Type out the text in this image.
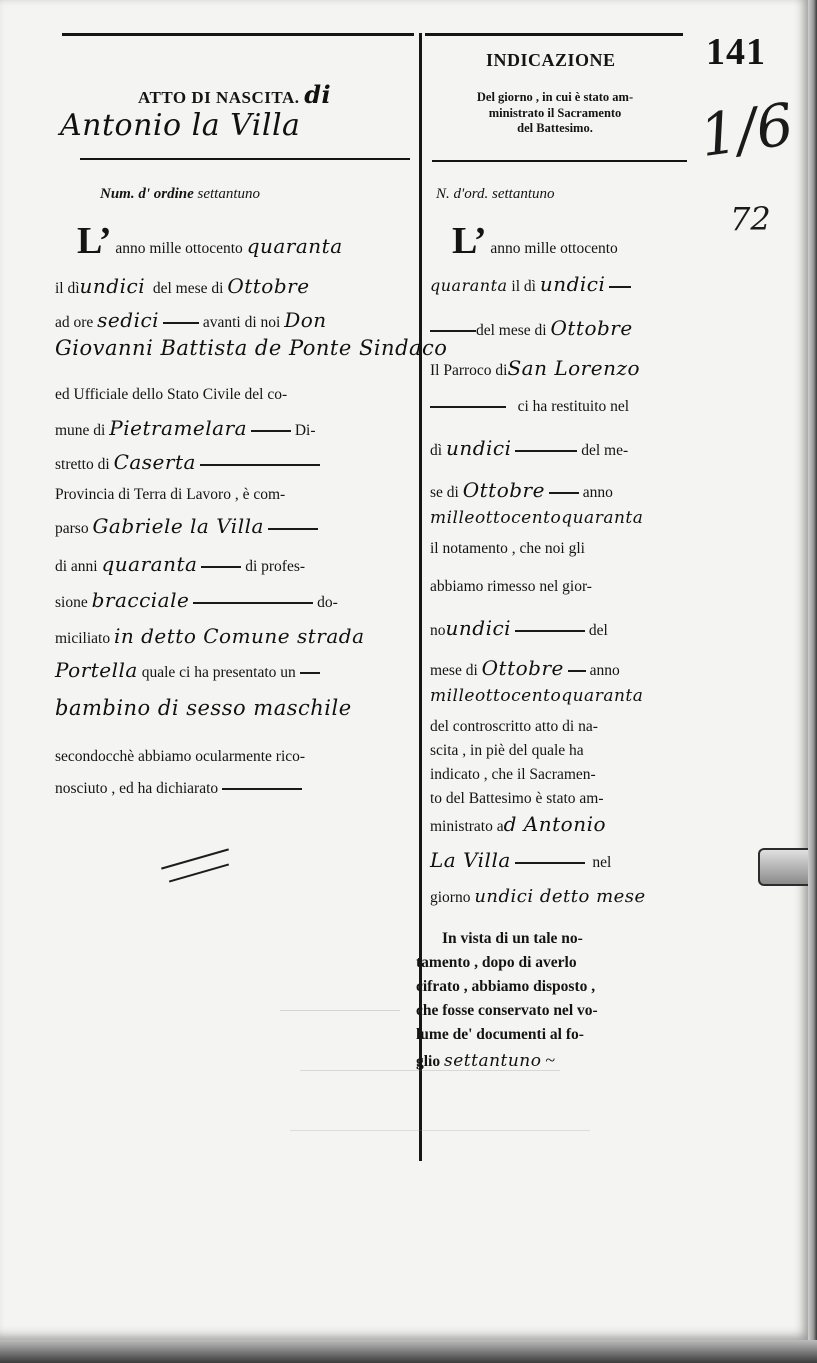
141
1/6
72
ATTO DI NASCITA. di
Antonio la Villa
Num. d' ordine settantuno
L’ anno mille ottocento quaranta
il dìundici del mese di Ottobre
ad ore sedici	avanti di noi Don
Giovanni Battista de Ponte Sindaco
ed Ufficiale dello Stato Civile del co-
mune di Pietramelara	Di-
stretto di Caserta
Provincia di Terra di Lavoro , è com-
parso Gabriele la Villa
di anni quaranta	di profes-
sione bracciale	do-
miciliato in detto Comune strada
Portella quale ci ha presentato un
bambino di sesso maschile
secondocchè abbiamo ocularmente rico-
nosciuto , ed ha dichiarato
INDICAZIONE
Del giorno , in cui è stato am-
ministrato il Sacramento
del Battesimo.
N. d'ord. settantuno
L’ anno mille ottocento
quaranta il dì undici
del mese di Ottobre
Il Parroco diSan Lorenzo
ci ha restituito nel
dì undici	del me-
se di Ottobre anno
milleottocentoquaranta
il notamento , che noi gli
abbiamo rimesso nel gior-
noundici	del
mese di Ottobre anno
milleottocentoquaranta
del controscritto atto di na-
scita , in piè del quale ha
indicato , che il Sacramen-
to del Battesimo è stato am-
ministrato ad Antonio
La Villa	nel
giorno undici detto mese
In vista di un tale no-
tamento , dopo di averlo
cifrato , abbiamo disposto ,
che fosse conservato nel vo-
lume de' documenti al fo-
glio settantuno ~
